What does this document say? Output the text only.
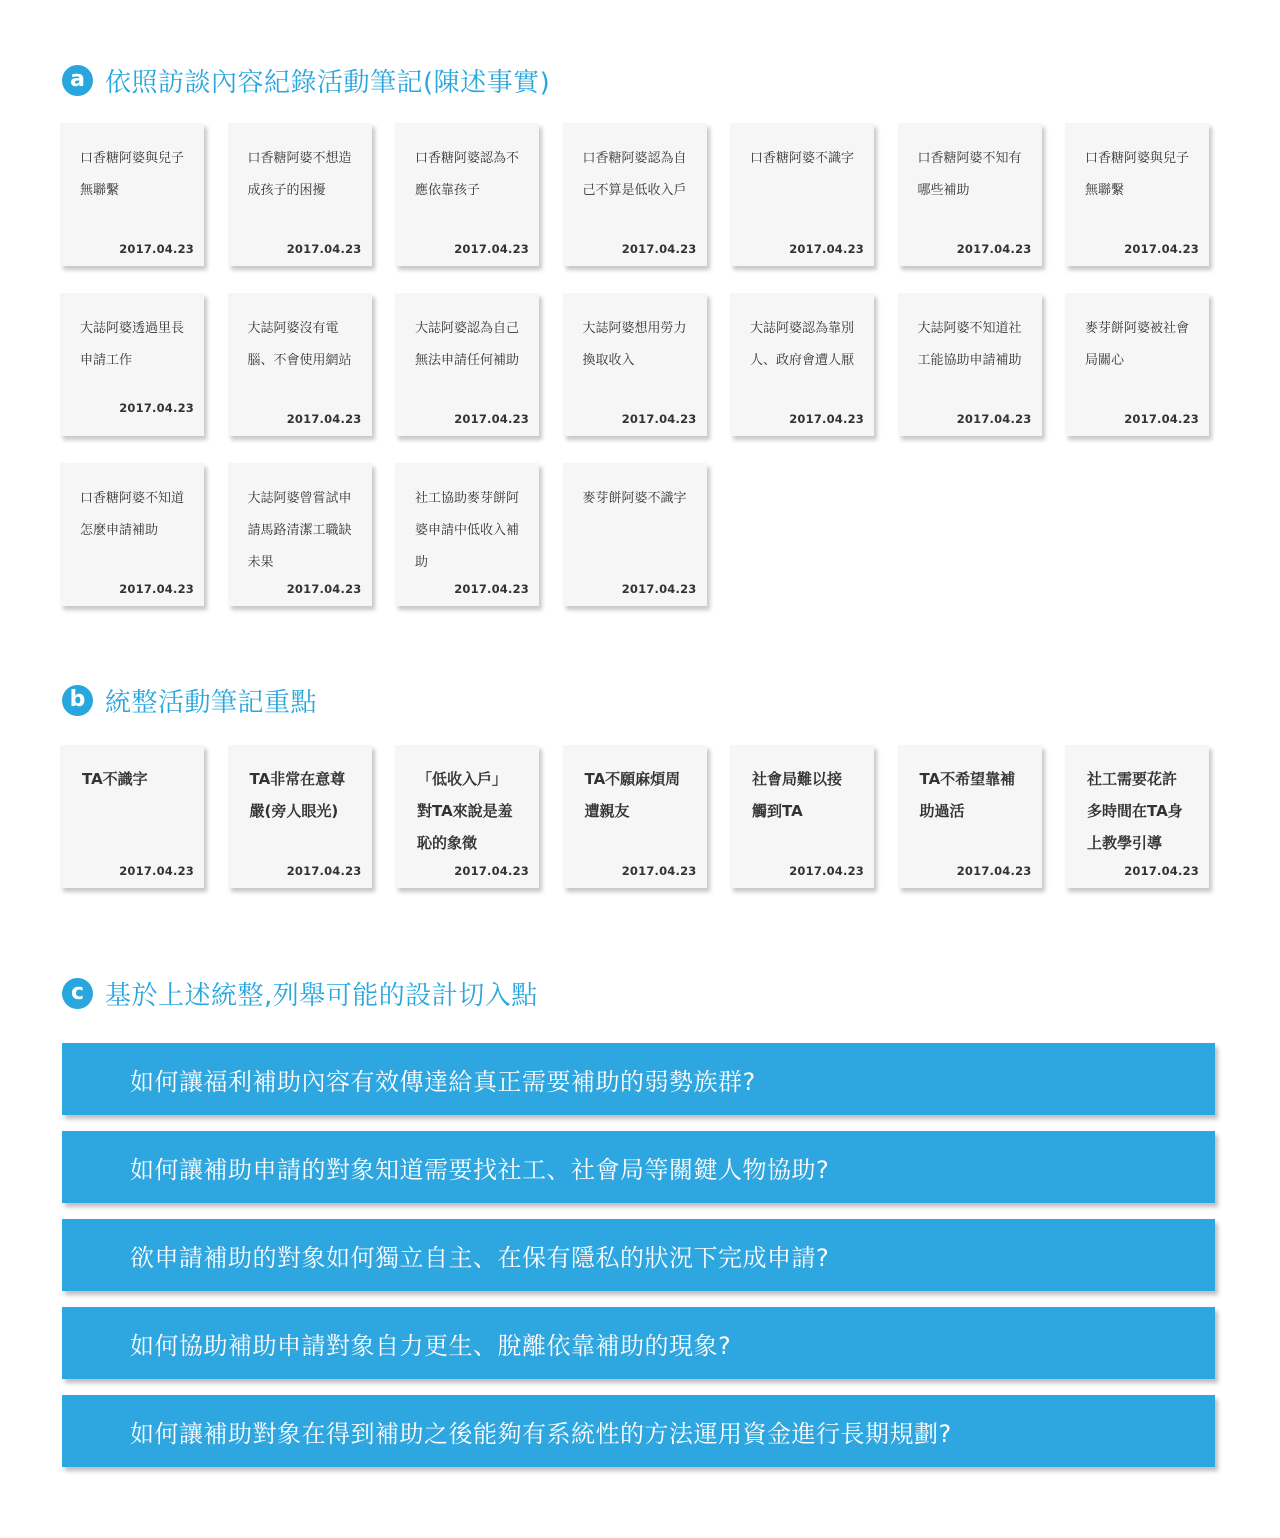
a 依照訪談內容紀錄活動筆記(陳述事實)
口香糖阿婆與兒子無聯繫
2017.04.23
口香糖阿婆不想造成孩子的困擾
2017.04.23
口香糖阿婆認為不應依靠孩子
2017.04.23
口香糖阿婆認為自己不算是低收入戶
2017.04.23
口香糖阿婆不識字
2017.04.23
口香糖阿婆不知有哪些補助
2017.04.23
口香糖阿婆與兒子無聯繫
2017.04.23
大誌阿婆透過里長申請工作
2017.04.23
大誌阿婆沒有電腦、不會使用網站
2017.04.23
大誌阿婆認為自己無法申請任何補助
2017.04.23
大誌阿婆想用勞力換取收入
2017.04.23
大誌阿婆認為靠別人、政府會遭人厭
2017.04.23
大誌阿婆不知道社工能協助申請補助
2017.04.23
麥芽餅阿婆被社會局關心
2017.04.23
口香糖阿婆不知道怎麼申請補助
2017.04.23
大誌阿婆曾嘗試申請馬路清潔工職缺未果
2017.04.23
社工協助麥芽餅阿婆申請中低收入補助
2017.04.23
麥芽餅阿婆不識字
2017.04.23
b 統整活動筆記重點
TA不識字
2017.04.23
TA非常在意尊嚴(旁人眼光)
2017.04.23
「低收入戶」對TA來說是羞恥的象徵
2017.04.23
TA不願麻煩周遭親友
2017.04.23
社會局難以接觸到TA
2017.04.23
TA不希望靠補助過活
2017.04.23
社工需要花許多時間在TA身上教學引導
2017.04.23
c 基於上述統整,列舉可能的設計切入點
如何讓福利補助內容有效傳達給真正需要補助的弱勢族群?
如何讓補助申請的對象知道需要找社工、社會局等關鍵人物協助?
欲申請補助的對象如何獨立自主、在保有隱私的狀況下完成申請?
如何協助補助申請對象自力更生、脫離依靠補助的現象?
如何讓補助對象在得到補助之後能夠有系統性的方法運用資金進行長期規劃?
